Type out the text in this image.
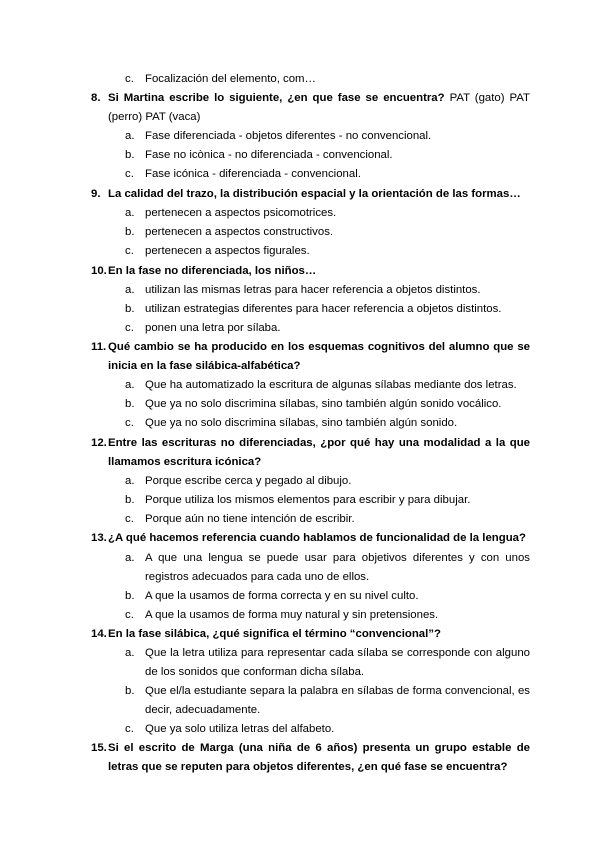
c. Focalización del elemento, com…
8. Si Martina escribe lo siguiente, ¿en que fase se encuentra? PAT (gato) PAT (perro) PAT (vaca)
a. Fase diferenciada - objetos diferentes - no convencional.
b. Fase no icònica - no diferenciada - convencional.
c. Fase icónica - diferenciada - convencional.
9. La calidad del trazo, la distribución espacial y la orientación de las formas…
a. pertenecen a aspectos psicomotrices.
b. pertenecen a aspectos constructivos.
c. pertenecen a aspectos figurales.
10. En la fase no diferenciada, los niños…
a. utilizan las mismas letras para hacer referencia a objetos distintos.
b. utilizan estrategias diferentes para hacer referencia a objetos distintos.
c. ponen una letra por sílaba.
11. Qué cambio se ha producido en los esquemas cognitivos del alumno que se inicia en la fase silábica-alfabética?
a. Que ha automatizado la escritura de algunas sílabas mediante dos letras.
b. Que ya no solo discrimina sílabas, sino también algún sonido vocálico.
c. Que ya no solo discrimina sílabas, sino también algún sonido.
12. Entre las escrituras no diferenciadas, ¿por qué hay una modalidad a la que llamamos escritura icónica?
a. Porque escribe cerca y pegado al dibujo.
b. Porque utiliza los mismos elementos para escribir y para dibujar.
c. Porque aún no tiene intención de escribir.
13. ¿A qué hacemos referencia cuando hablamos de funcionalidad de la lengua?
a. A que una lengua se puede usar para objetivos diferentes y con unos registros adecuados para cada uno de ellos.
b. A que la usamos de forma correcta y en su nivel culto.
c. A que la usamos de forma muy natural y sin pretensiones.
14. En la fase silábica, ¿qué significa el término “convencional”?
a. Que la letra utiliza para representar cada sílaba se corresponde con alguno de los sonidos que conforman dicha sílaba.
b. Que el/la estudiante separa la palabra en sílabas de forma convencional, es decir, adecuadamente.
c. Que ya solo utiliza letras del alfabeto.
15. Si el escrito de Marga (una niña de 6 años) presenta un grupo estable de letras que se reputen para objetos diferentes, ¿en qué fase se encuentra?
